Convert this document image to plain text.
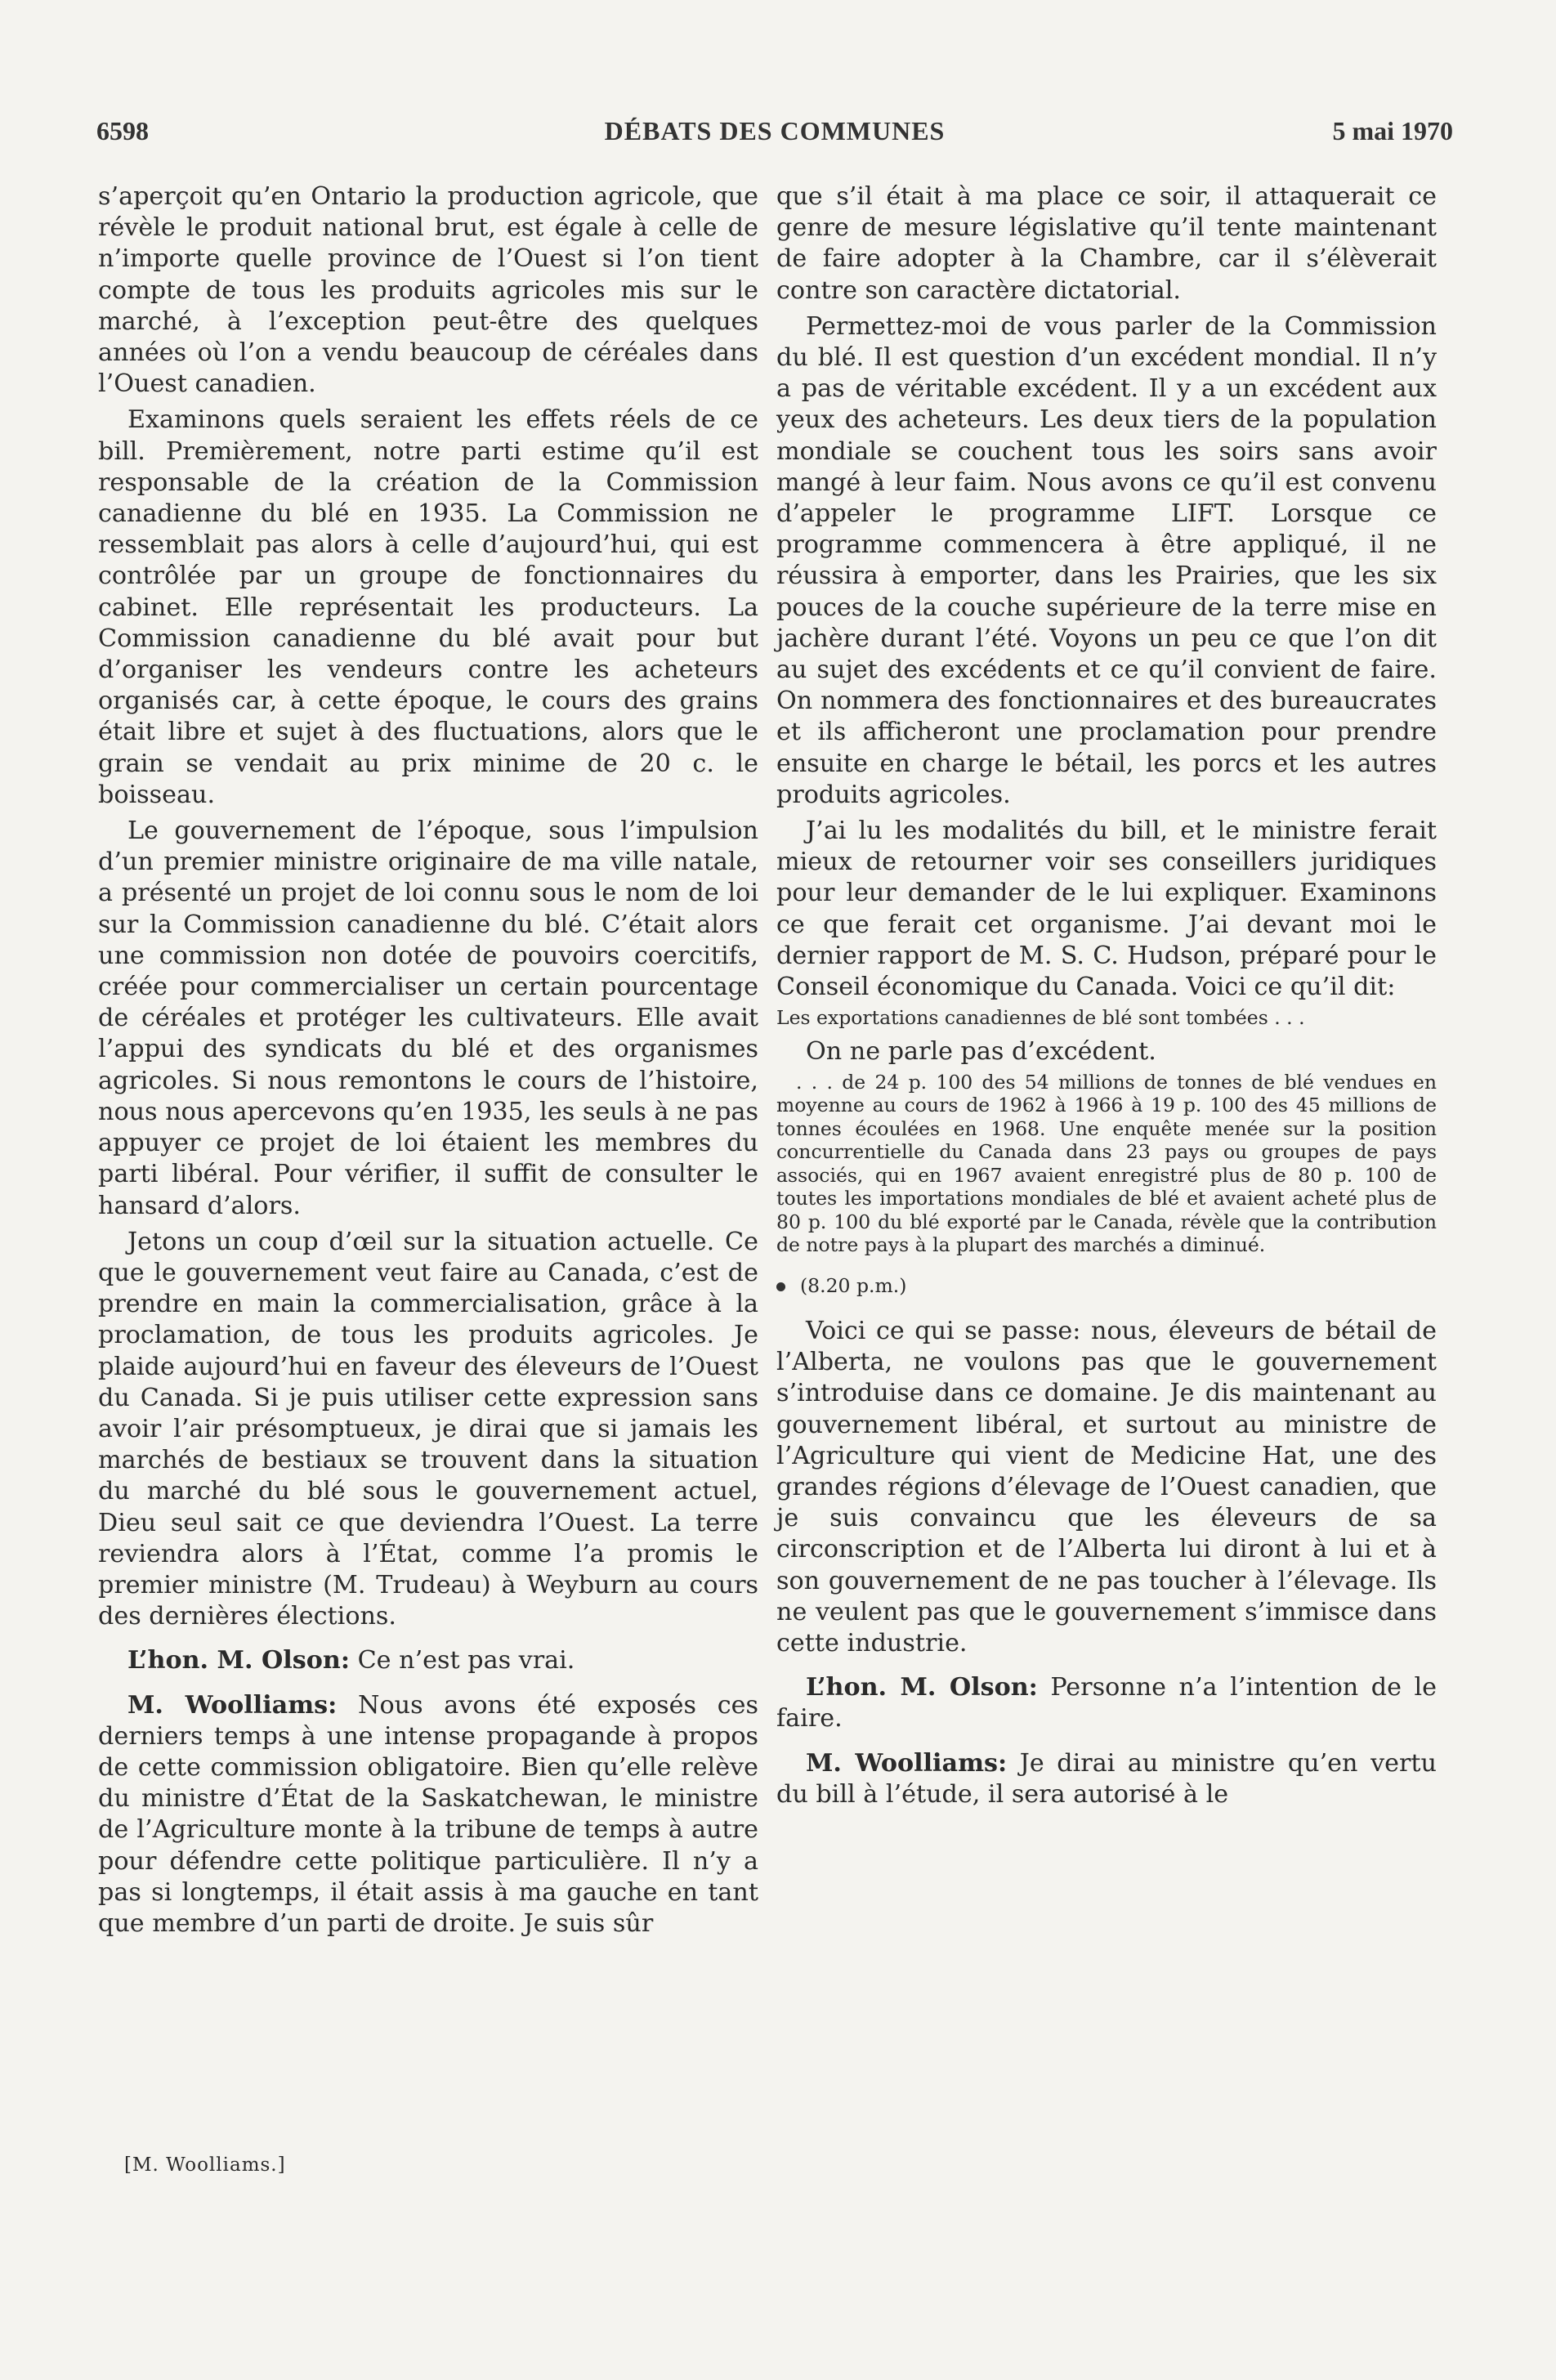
6598	DÉBATS DES COMMUNES	5 mai 1970

s’aperçoit qu’en Ontario la production agricole, que révèle le produit national brut, est égale à celle de n’importe quelle province de l’Ouest si l’on tient compte de tous les produits agricoles mis sur le marché, à l’exception peut-être des quelques années où l’on a vendu beaucoup de céréales dans l’Ouest canadien.

Examinons quels seraient les effets réels de ce bill. Premièrement, notre parti estime qu’il est responsable de la création de la Commission canadienne du blé en 1935. La Commission ne ressemblait pas alors à celle d’aujourd’hui, qui est contrôlée par un groupe de fonctionnaires du cabinet. Elle représentait les producteurs. La Commission canadienne du blé avait pour but d’organiser les vendeurs contre les acheteurs organisés car, à cette époque, le cours des grains était libre et sujet à des fluctuations, alors que le grain se vendait au prix minime de 20 c. le boisseau.

Le gouvernement de l’époque, sous l’impulsion d’un premier ministre originaire de ma ville natale, a présenté un projet de loi connu sous le nom de loi sur la Commission canadienne du blé. C’était alors une commission non dotée de pouvoirs coercitifs, créée pour commercialiser un certain pourcentage de céréales et protéger les cultivateurs. Elle avait l’appui des syndicats du blé et des organismes agricoles. Si nous remontons le cours de l’histoire, nous nous apercevons qu’en 1935, les seuls à ne pas appuyer ce projet de loi étaient les membres du parti libéral. Pour vérifier, il suffit de consulter le hansard d’alors.

Jetons un coup d’œil sur la situation actuelle. Ce que le gouvernement veut faire au Canada, c’est de prendre en main la commercialisation, grâce à la proclamation, de tous les produits agricoles. Je plaide aujourd’hui en faveur des éleveurs de l’Ouest du Canada. Si je puis utiliser cette expression sans avoir l’air présomptueux, je dirai que si jamais les marchés de bestiaux se trouvent dans la situation du marché du blé sous le gouvernement actuel, Dieu seul sait ce que deviendra l’Ouest. La terre reviendra alors à l’État, comme l’a promis le premier ministre (M. Trudeau) à Weyburn au cours des dernières élections.

L’hon. M. Olson: Ce n’est pas vrai.

M. Woolliams: Nous avons été exposés ces derniers temps à une intense propagande à propos de cette commission obligatoire. Bien qu’elle relève du ministre d’État de la Saskatchewan, le ministre de l’Agriculture monte à la tribune de temps à autre pour défendre cette politique particulière. Il n’y a pas si longtemps, il était assis à ma gauche en tant que membre d’un parti de droite. Je suis sûr

[M. Woolliams.]

que s’il était à ma place ce soir, il attaquerait ce genre de mesure législative qu’il tente maintenant de faire adopter à la Chambre, car il s’élèverait contre son caractère dictatorial.

Permettez-moi de vous parler de la Commission du blé. Il est question d’un excédent mondial. Il n’y a pas de véritable excédent. Il y a un excédent aux yeux des acheteurs. Les deux tiers de la population mondiale se couchent tous les soirs sans avoir mangé à leur faim. Nous avons ce qu’il est convenu d’appeler le programme LIFT. Lorsque ce programme commencera à être appliqué, il ne réussira à emporter, dans les Prairies, que les six pouces de la couche supérieure de la terre mise en jachère durant l’été. Voyons un peu ce que l’on dit au sujet des excédents et ce qu’il convient de faire. On nommera des fonctionnaires et des bureaucrates et ils afficheront une proclamation pour prendre ensuite en charge le bétail, les porcs et les autres produits agricoles.

J’ai lu les modalités du bill, et le ministre ferait mieux de retourner voir ses conseillers juridiques pour leur demander de le lui expliquer. Examinons ce que ferait cet organisme. J’ai devant moi le dernier rapport de M. S. C. Hudson, préparé pour le Conseil économique du Canada. Voici ce qu’il dit:

Les exportations canadiennes de blé sont tombées . . .

On ne parle pas d’excédent.

. . . de 24 p. 100 des 54 millions de tonnes de blé vendues en moyenne au cours de 1962 à 1966 à 19 p. 100 des 45 millions de tonnes écoulées en 1968. Une enquête menée sur la position concurrentielle du Canada dans 23 pays ou groupes de pays associés, qui en 1967 avaient enregistré plus de 80 p. 100 de toutes les importations mondiales de blé et avaient acheté plus de 80 p. 100 du blé exporté par le Canada, révèle que la contribution de notre pays à la plupart des marchés a diminué.
(8.20 p.m.)

Voici ce qui se passe: nous, éleveurs de bétail de l’Alberta, ne voulons pas que le gouvernement s’introduise dans ce domaine. Je dis maintenant au gouvernement libéral, et surtout au ministre de l’Agriculture qui vient de Medicine Hat, une des grandes régions d’élevage de l’Ouest canadien, que je suis convaincu que les éleveurs de sa circonscription et de l’Alberta lui diront à lui et à son gouvernement de ne pas toucher à l’élevage. Ils ne veulent pas que le gouvernement s’immisce dans cette industrie.

L’hon. M. Olson: Personne n’a l’intention de le faire.

M. Woolliams: Je dirai au ministre qu’en vertu du bill à l’étude, il sera autorisé à le
